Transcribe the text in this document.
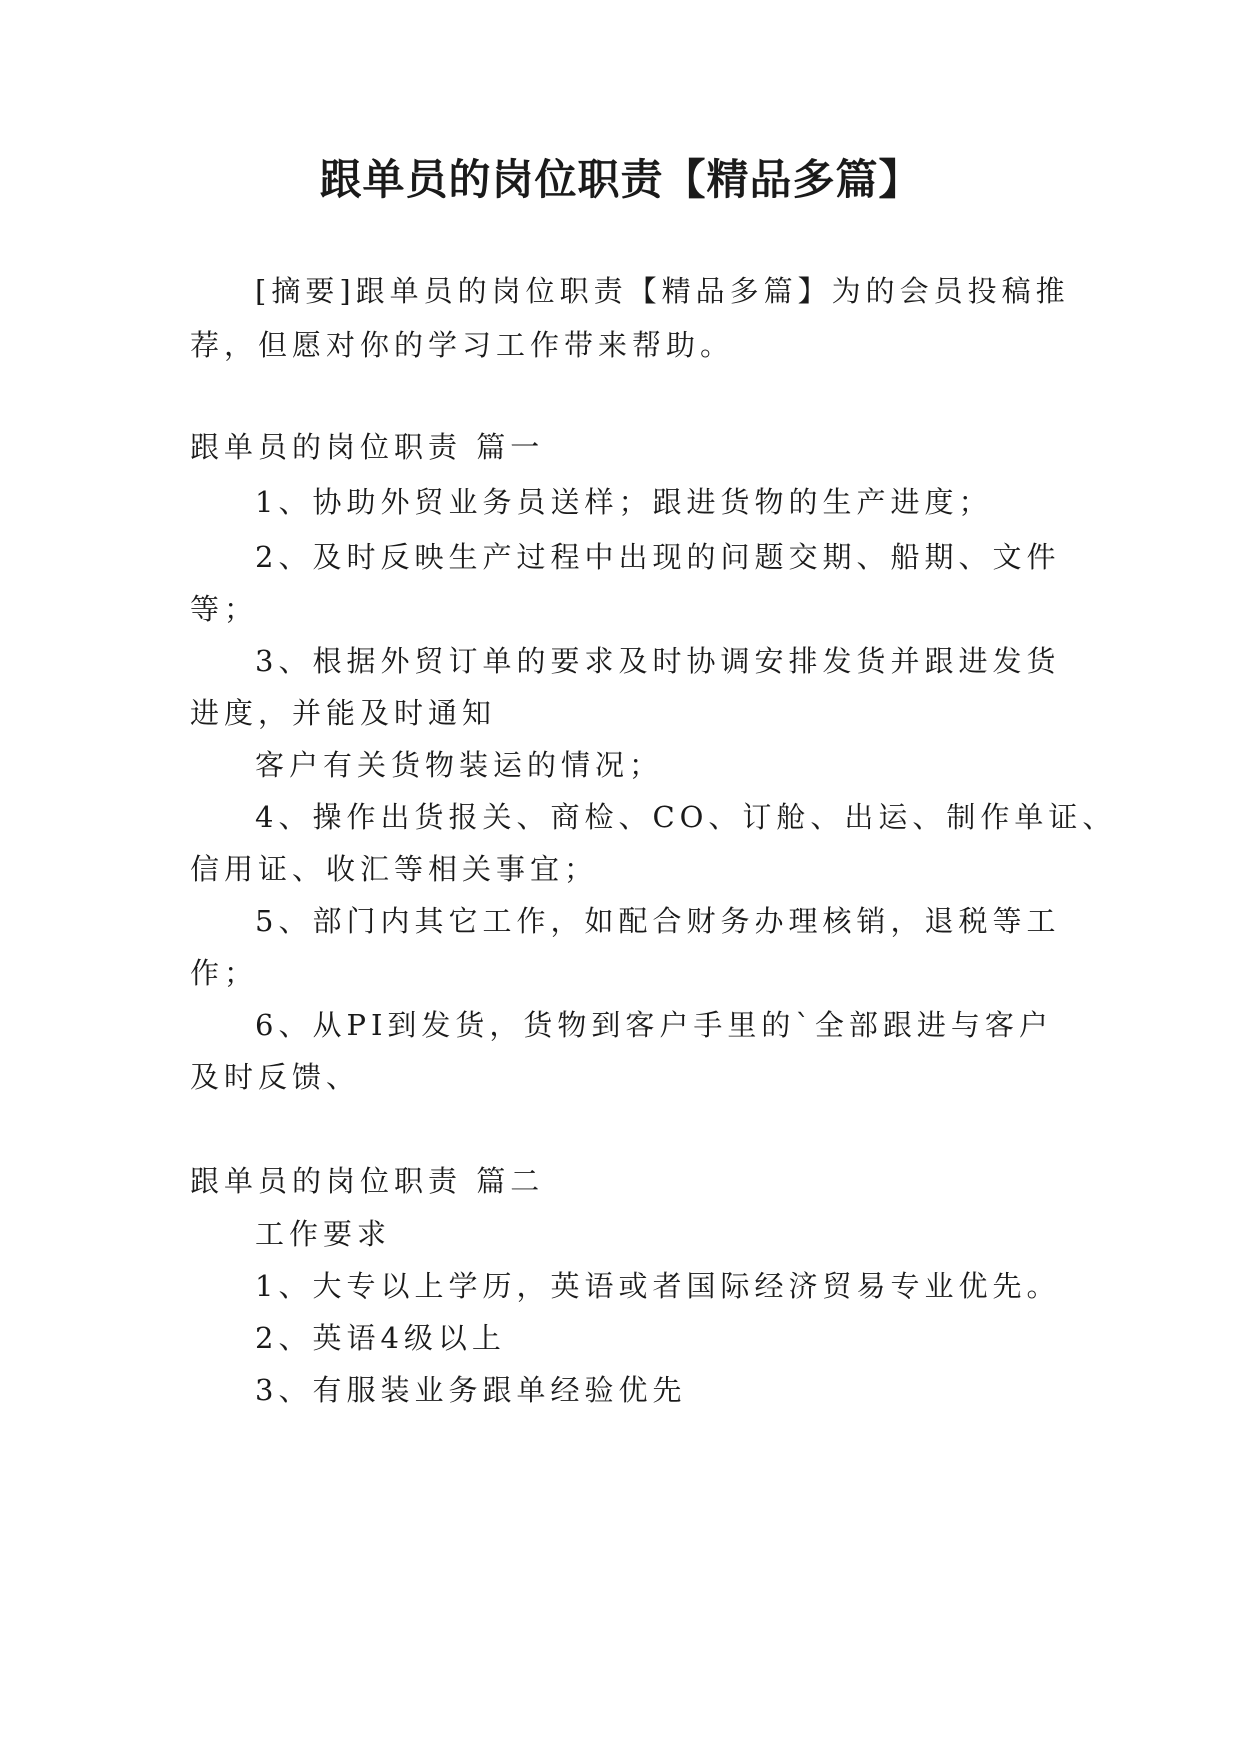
跟单员的岗位职责【精品多篇】

[摘要]跟单员的岗位职责【精品多篇】为的会员投稿推

荐，但愿对你的学习工作带来帮助。

跟单员的岗位职责 篇一

1、协助外贸业务员送样；跟进货物的生产进度；

2、及时反映生产过程中出现的问题交期、船期、文件

等；

3、根据外贸订单的要求及时协调安排发货并跟进发货

进度，并能及时通知

客户有关货物装运的情况；

4、操作出货报关、商检、CO、订舱、出运、制作单证、

信用证、收汇等相关事宜；

5、部门内其它工作，如配合财务办理核销，退税等工

作；

6、从PI到发货，货物到客户手里的`全部跟进与客户

及时反馈、

跟单员的岗位职责 篇二

工作要求

1、大专以上学历，英语或者国际经济贸易专业优先。

2、英语4级以上

3、有服装业务跟单经验优先
